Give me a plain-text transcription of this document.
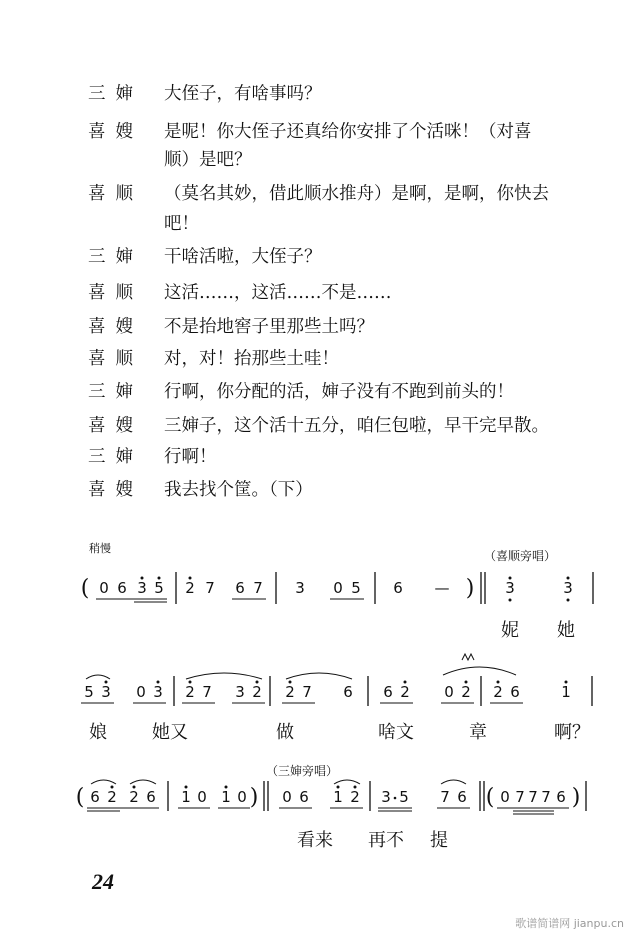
三婶	大侄子，有啥事吗？
喜嫂	是呢！你大侄子还真给你安排了个活咪！（对喜
顺）是吧？
喜顺	（莫名其妙，借此顺水推舟）是啊，是啊，你快去
吧！
三婶	干啥活啦，大侄子？
喜顺	这活……，这活……不是……
喜嫂	不是抬地窖子里那些土吗？
喜顺	对，对！抬那些土哇！
三婶	行啊，你分配的活，婶子没有不跑到前头的！
喜嫂	三婶子，这个活十五分，咱仨包啦，早干完早散。
三婶	行啊！
喜嫂	我去找个筐。（下）
稍慢
（喜顺旁唱）
（三婶旁唱）
( 0 6 3 5 2 7 6 7 3 0 5 6 — ) 3	3
妮 她
5 3 0 3 2 7 3 2 2 7 6 6 2 0 2 2 6	1
娘	她又	做	啥文	章	啊？
( 6 2 2 6 1 0 1 0 ) 0 6 1 2 3 5 7 6 ( 0 7 7 7 6 )
看来 再不 提
24
歌谱简谱网 jianpu.cn
